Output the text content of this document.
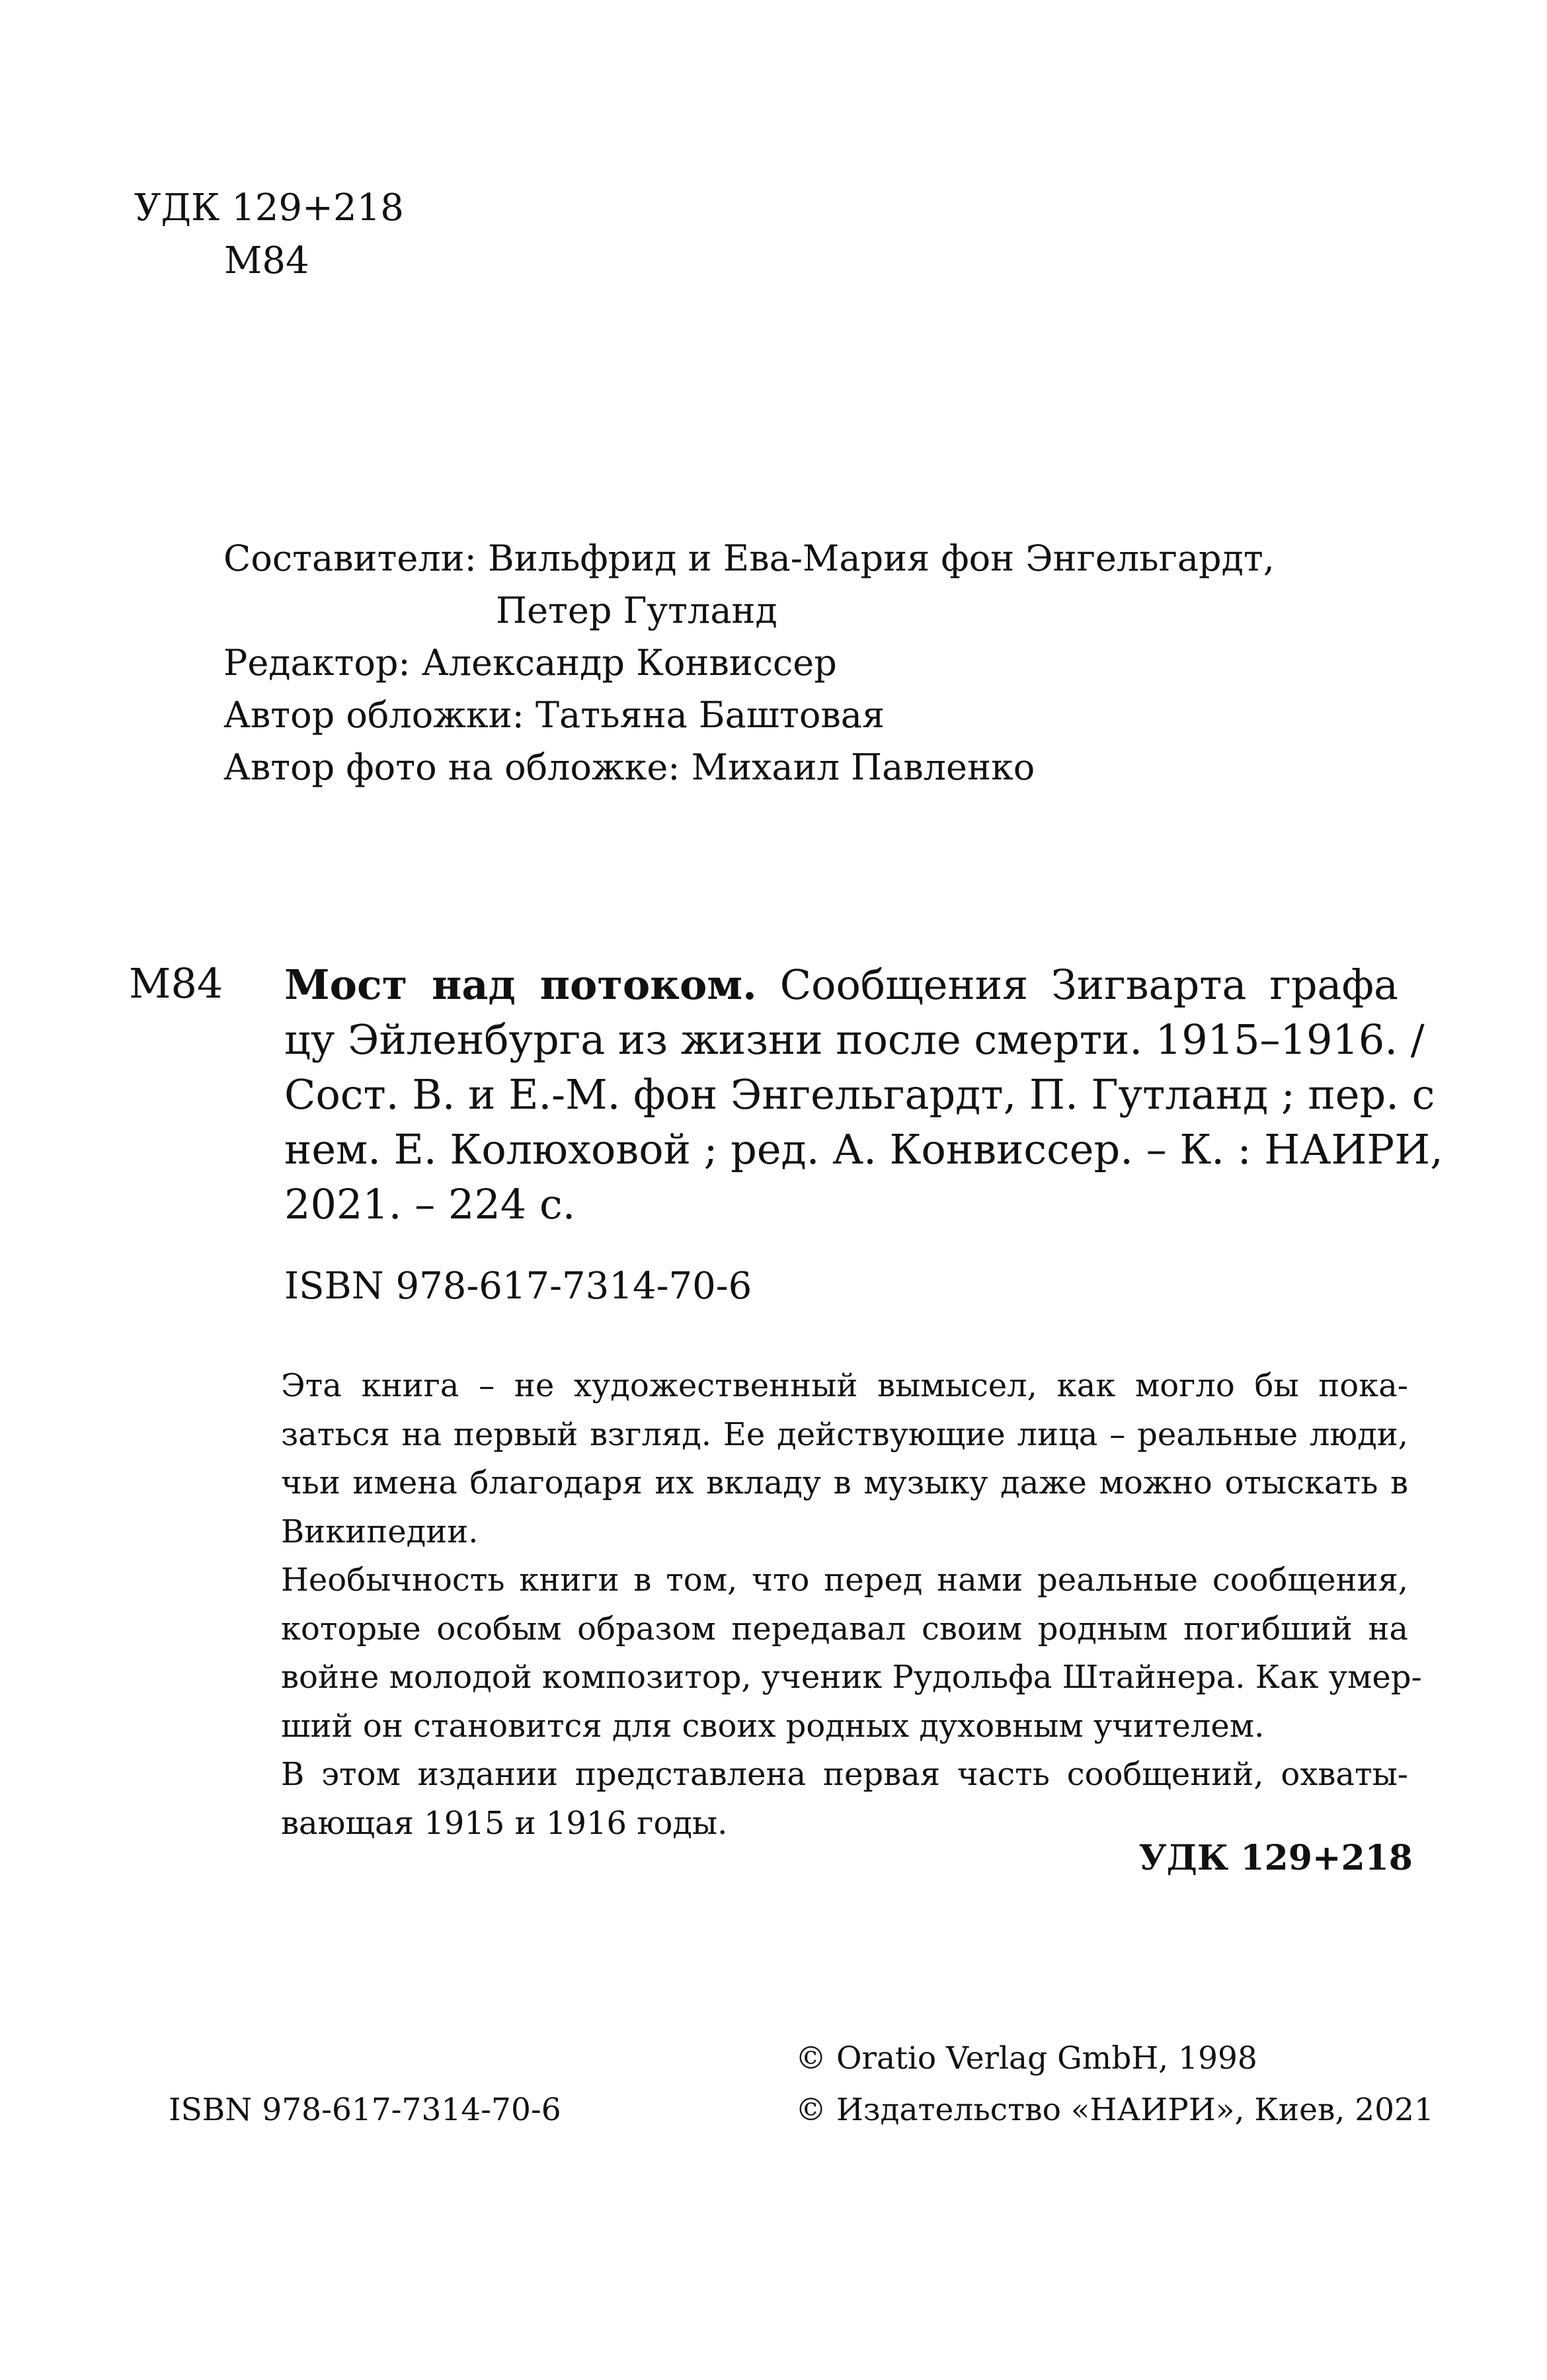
УДК 129+218
М84
Составители: Вильфрид и Ева-Мария фон Энгельгардт,
Петер Гутланд
Редактор: Александр Конвиссер
Автор обложки: Татьяна Баштовая
Автор фото на обложке: Михаил Павленко
М84 Мост над потоком. Сообщения Зигварта графа
цу Эйленбурга из жизни после смерти. 1915–1916. /
Сост. В. и Е.-М. фон Энгельгардт, П. Гутланд ; пер. с
нем. Е. Колюховой ; ред. А. Конвиссер. – К. : НАИРИ,
2021. – 224 с.
ISBN 978-617-7314-70-6
Эта книга – не художественный вымысел, как могло бы пока-
заться на первый взгляд. Ее действующие лица – реальные люди,
чьи имена благодаря их вкладу в музыку даже можно отыскать в
Википедии.
Необычность книги в том, что перед нами реальные сообщения,
которые особым образом передавал своим родным погибший на
войне молодой композитор, ученик Рудольфа Штайнера. Как умер-
ший он становится для своих родных духовным учителем.
В этом издании представлена первая часть сообщений, охваты-
вающая 1915 и 1916 годы.
УДК 129+218
© Oratio Verlag GmbH, 1998
© Издательство «НАИРИ», Киев, 2021
ISBN 978-617-7314-70-6
